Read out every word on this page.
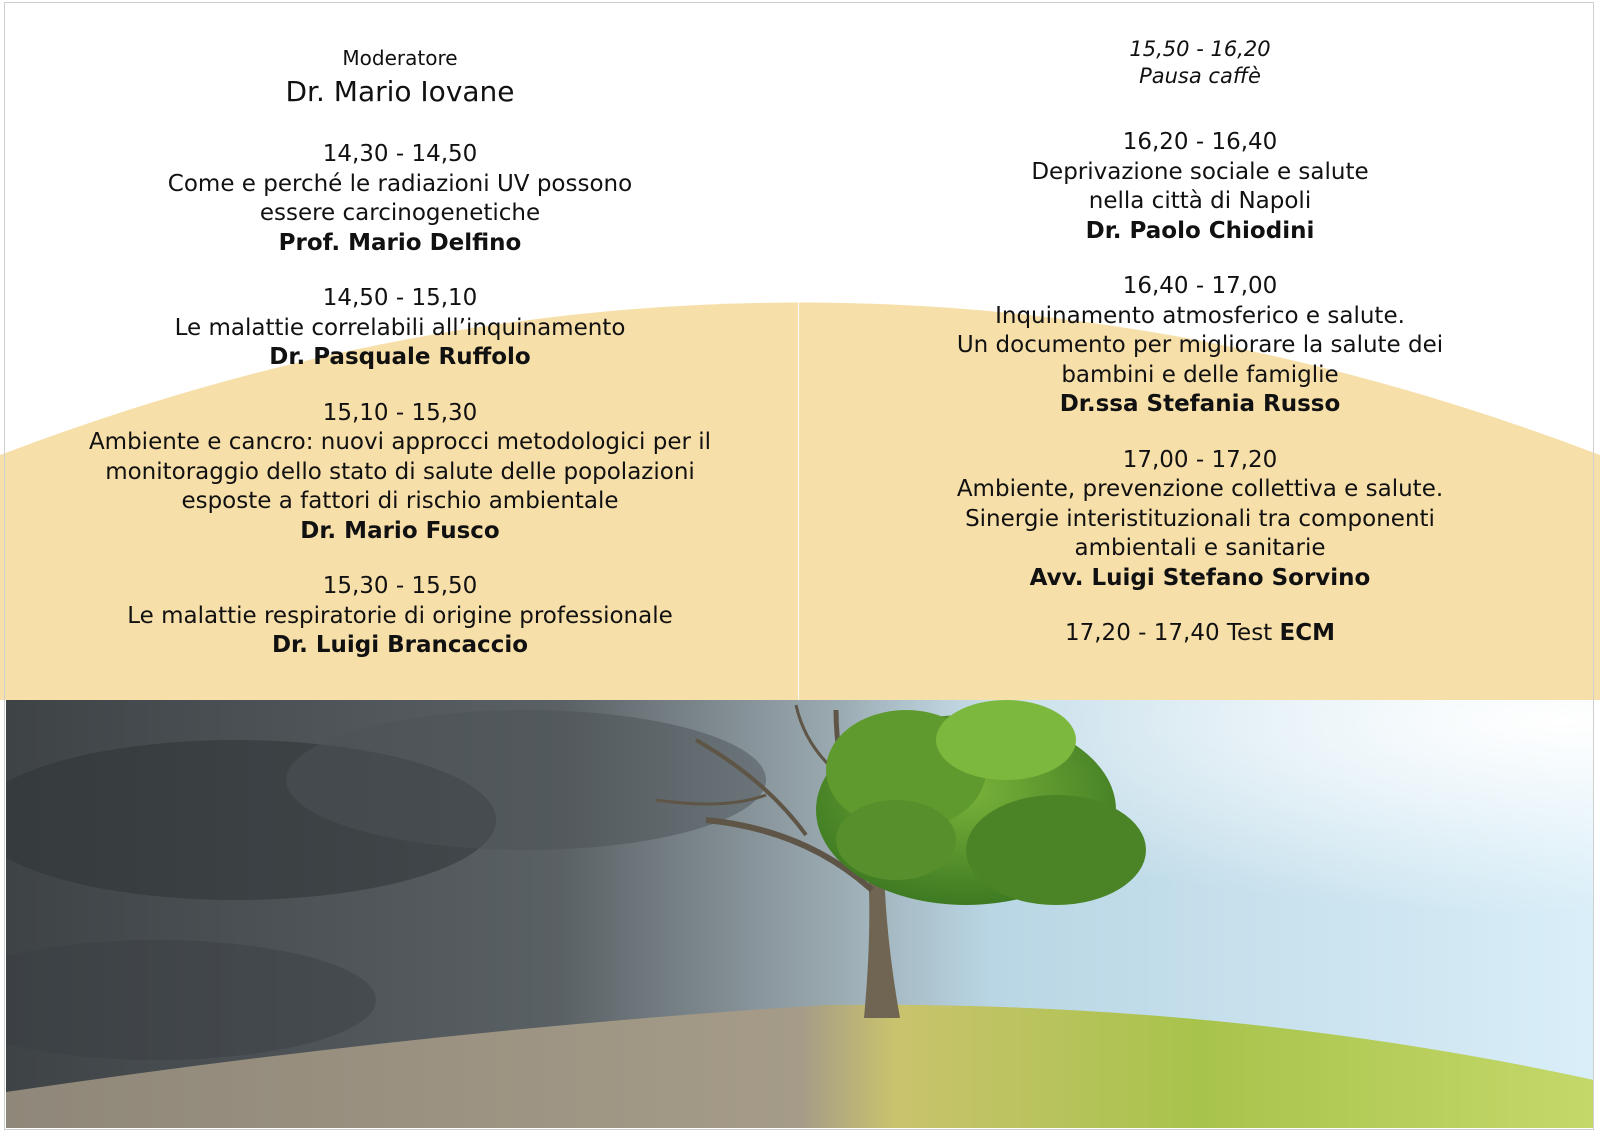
Moderatore
Dr. Mario Iovane
14,30 - 14,50
Come e perché le radiazioni UV possono
essere carcinogenetiche
Prof. Mario Delfino
14,50 - 15,10
Le malattie correlabili all’inquinamento
Dr. Pasquale Ruffolo
15,10 - 15,30
Ambiente e cancro: nuovi approcci metodologici per il
monitoraggio dello stato di salute delle popolazioni
esposte a fattori di rischio ambientale
Dr. Mario Fusco
15,30 - 15,50
Le malattie respiratorie di origine professionale
Dr. Luigi Brancaccio
15,50 - 16,20
Pausa caffè
16,20 - 16,40
Deprivazione sociale e salute
nella città di Napoli
Dr. Paolo Chiodini
16,40 - 17,00
Inquinamento atmosferico e salute.
Un documento per migliorare la salute dei
bambini e delle famiglie
Dr.ssa Stefania Russo
17,00 - 17,20
Ambiente, prevenzione collettiva e salute.
Sinergie interistituzionali tra componenti
ambientali e sanitarie
Avv. Luigi Stefano Sorvino
17,20 - 17,40 Test ECM
